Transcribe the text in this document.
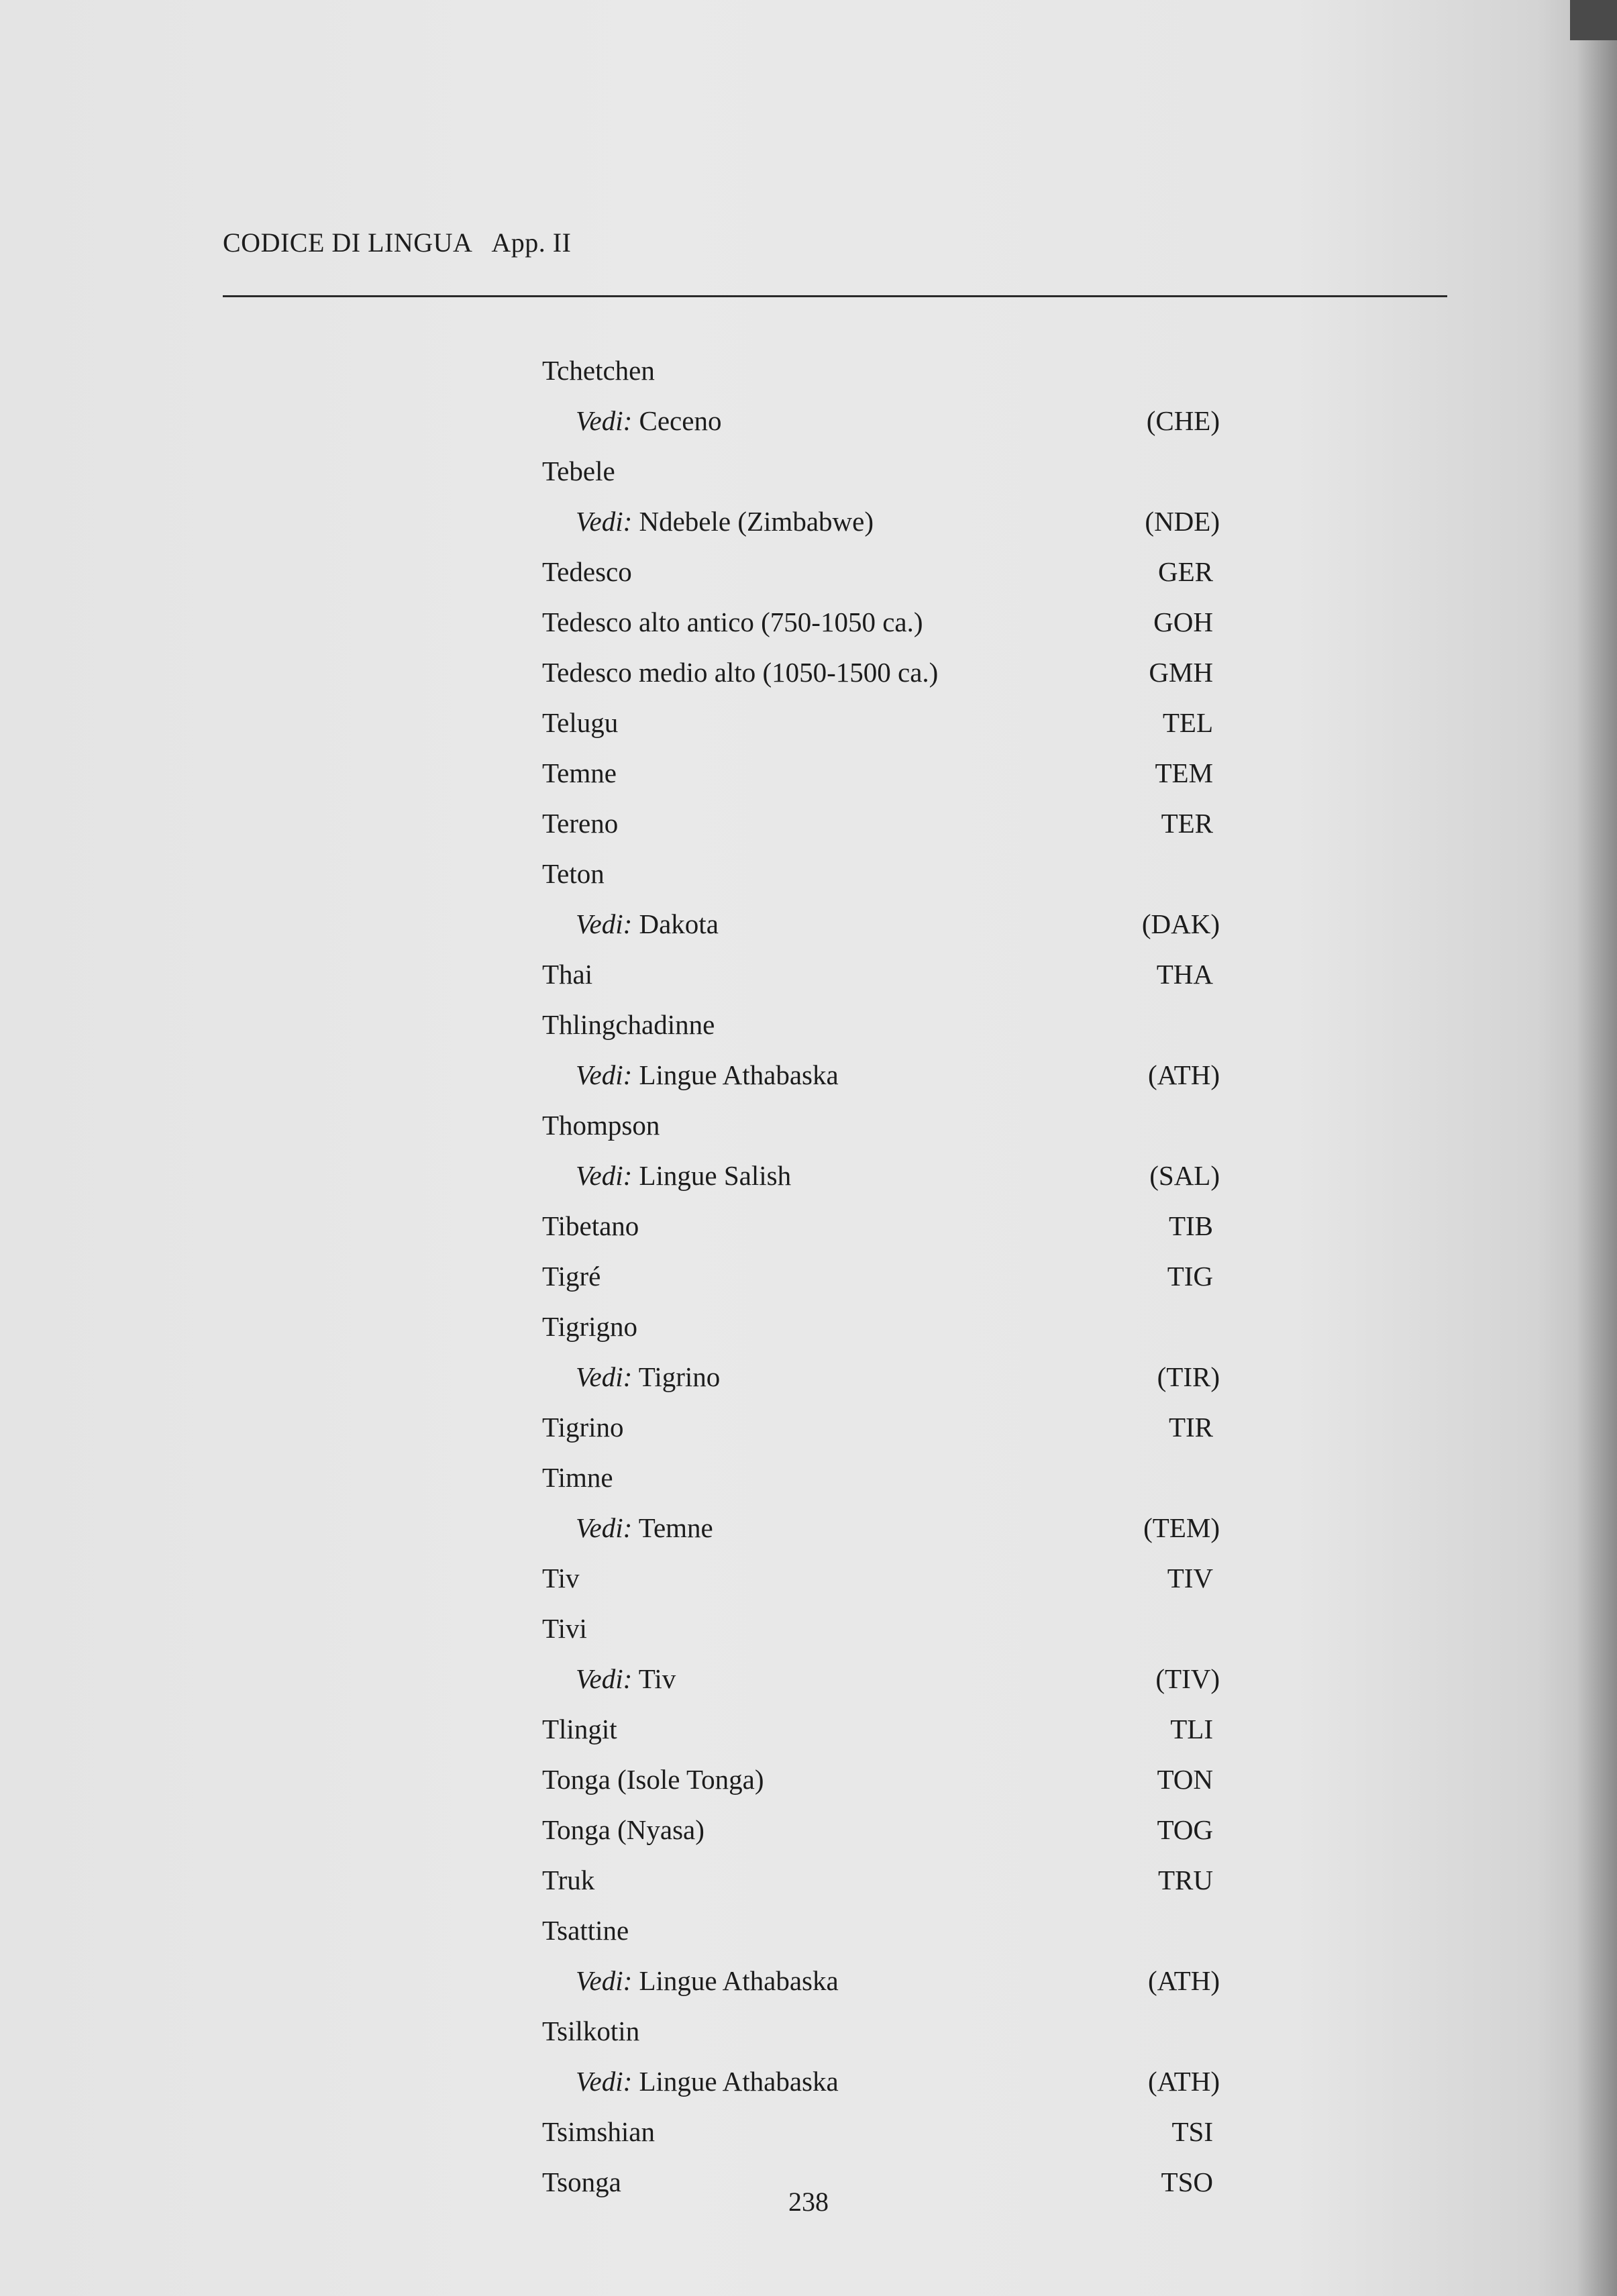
CODICE DI LINGUA App. II
Tchetchen
Vedi: Ceceno	(CHE)
Tebele
Vedi: Ndebele (Zimbabwe)	(NDE)
Tedesco	GER
Tedesco alto antico (750-1050 ca.)	GOH
Tedesco medio alto (1050-1500 ca.)	GMH
Telugu	TEL
Temne	TEM
Tereno	TER
Teton
Vedi: Dakota	(DAK)
Thai	THA
Thlingchadinne
Vedi: Lingue Athabaska	(ATH)
Thompson
Vedi: Lingue Salish	(SAL)
Tibetano	TIB
Tigré	TIG
Tigrigno
Vedi: Tigrino	(TIR)
Tigrino	TIR
Timne
Vedi: Temne	(TEM)
Tiv	TIV
Tivi
Vedi: Tiv	(TIV)
Tlingit	TLI
Tonga (Isole Tonga)	TON
Tonga (Nyasa)	TOG
Truk	TRU
Tsattine
Vedi: Lingue Athabaska	(ATH)
Tsilkotin
Vedi: Lingue Athabaska	(ATH)
Tsimshian	TSI
Tsonga	TSO
238
